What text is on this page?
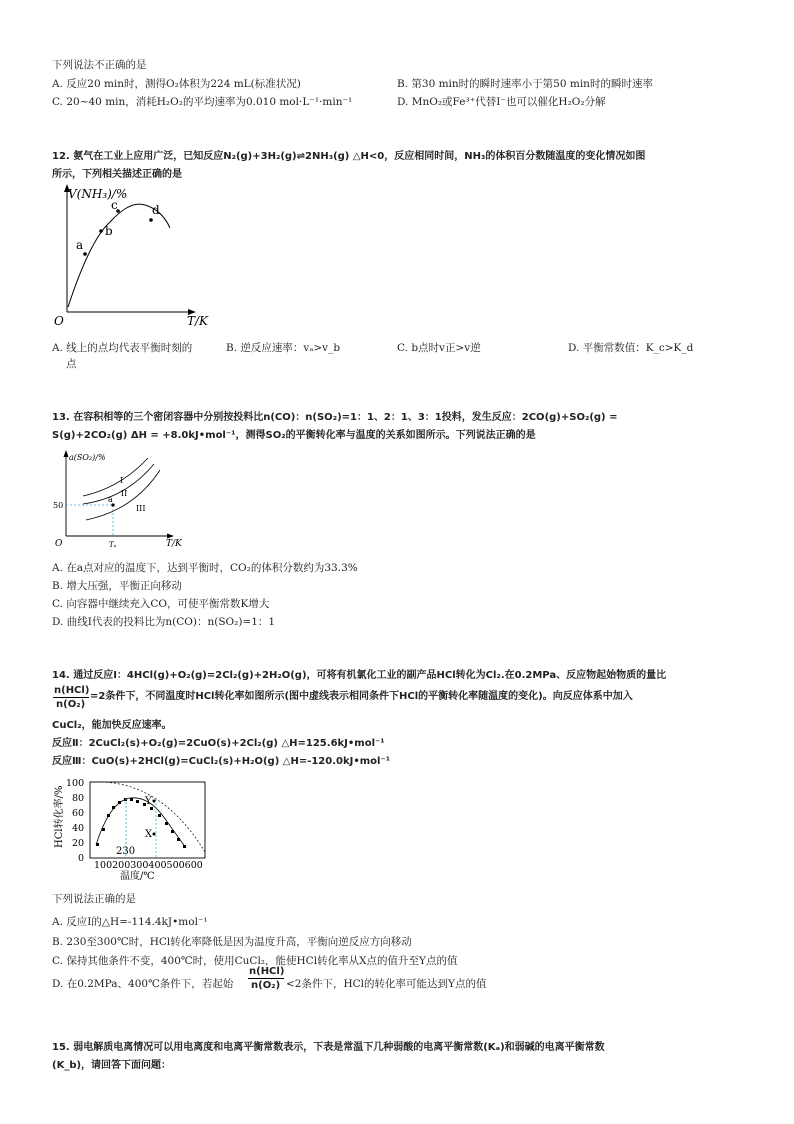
下列说法不正确的是
A. 反应20 min时，测得O₂体积为224 mL(标准状况)	B. 第30 min时的瞬时速率小于第50 min时的瞬时速率
C. 20~40 min，消耗H₂O₂的平均速率为0.010 mol·L⁻¹·min⁻¹	D. MnO₂或Fe³⁺代替I⁻也可以催化H₂O₂分解
12. 氨气在工业上应用广泛，已知反应N₂(g)+3H₂(g)⇌2NH₃(g) △H<0，反应相同时间，NH₃的体积百分数随温度的变化情况如图
所示，下列相关描述正确的是
V(NH₃)/%
T/K
O
a
b
c	d
A. 线上的点均代表平衡时刻的
点
B. 逆反应速率：vₐ>v_b	C. b点时v正>v逆	D. 平衡常数值：K_c>K_d
13. 在容积相等的三个密闭容器中分别按投料比n(CO)：n(SO₂)=1：1、2：1、3：1投料，发生反应：2CO(g)+SO₂(g) =
S(g)+2CO₂(g) ΔH = +8.0kJ•mol⁻¹，测得SO₂的平衡转化率与温度的关系如图所示。下列说法正确的是
a(SO₂)/%
T/K
O
50
Tₐ
a
I
II
III
A. 在a点对应的温度下，达到平衡时，CO₂的体积分数约为33.3%
B. 增大压强，平衡正向移动
C. 向容器中继续充入CO，可使平衡常数K增大
D. 曲线I代表的投料比为n(CO)：n(SO₂)=1：1
14. 通过反应Ⅰ：4HCl(g)+O₂(g)=2Cl₂(g)+2H₂O(g)，可将有机氯化工业的副产品HCl转化为Cl₂.在0.2MPa、反应物起始物质的量比
n(HCl)
n(O₂)
=2条件下，不同温度时HCl转化率如图所示(图中虚线表示相同条件下HCl的平衡转化率随温度的变化)。向反应体系中加入
CuCl₂，能加快反应速率。
反应Ⅱ：2CuCl₂(s)+O₂(g)=2CuO(s)+2Cl₂(g) △H=125.6kJ•mol⁻¹
反应Ⅲ：CuO(s)+2HCl(g)=CuCl₂(s)+H₂O(g) △H=-120.0kJ•mol⁻¹
100
80
60
40
20
0
HCl转化率/%
100200300400500600
温度/℃
230
X
Y
下列说法正确的是
A. 反应Ⅰ的△H=-114.4kJ•mol⁻¹
B. 230至300℃时，HCl转化率降低是因为温度升高，平衡向逆反应方向移动
C. 保持其他条件不变，400℃时，使用CuCl₂，能使HCl转化率从X点的值升至Y点的值
D. 在0.2MPa、400℃条件下，若起始
n(HCl)
n(O₂) <2条件下，HCl的转化率可能达到Y点的值
15. 弱电解质电离情况可以用电离度和电离平衡常数表示，下表是常温下几种弱酸的电离平衡常数(Kₐ)和弱碱的电离平衡常数
(K_b)，请回答下面问题：
